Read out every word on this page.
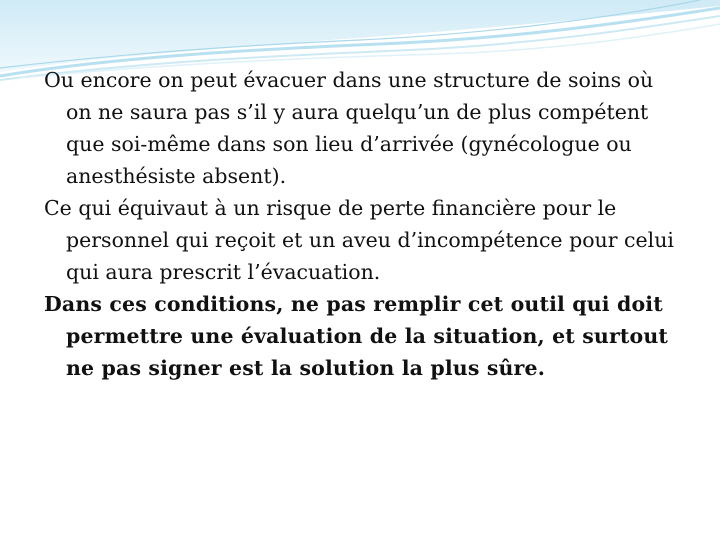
Ou encore on peut évacuer dans une structure de soins où on ne saura pas s’il y aura quelqu’un de plus compétent que soi-même dans son lieu d’arrivée (gynécologue ou anesthésiste absent).

Ce qui équivaut à un risque de perte financière pour le personnel qui reçoit et un aveu d’incompétence pour celui qui aura prescrit l’évacuation.

Dans ces conditions, ne pas remplir cet outil qui doit permettre une évaluation de la situation, et surtout ne pas signer est la solution la plus sûre.
